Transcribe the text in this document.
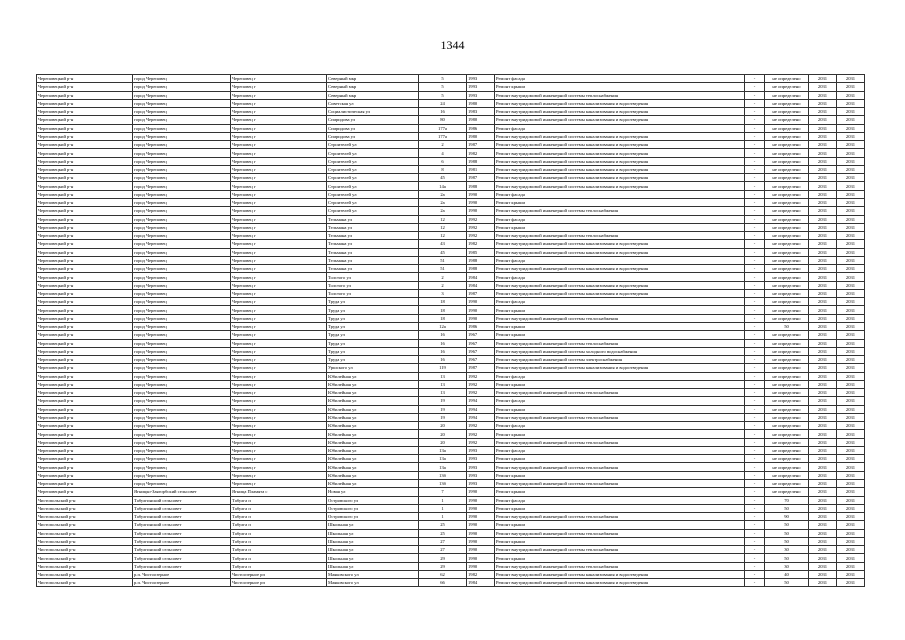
1344
Череповецкий р-н	город Череповец	Череповец г	Северный мкр	5	1993	Ремонт фасада	-	не определено	2031	2031
Череповецкий р-н	город Череповец	Череповец г	Северный мкр	5	1993	Ремонт крыши	-	не определено	2031	2031
Череповецкий р-н	город Череповец	Череповец г	Северный мкр	5	1993	Ремонт внутридомовой инженерной системы теплоснабжения	-	не определено	2031	2031
Череповецкий р-н	город Череповец	Череповец г	Советская ул	24	1980	Ремонт внутридомовой инженерной системы канализования и водоотведения	-	не определено	2031	2031
Череповецкий р-н	город Череповец	Череповец г	Социалистическая ул	16	1983	Ремонт внутридомовой инженерной системы канализования и водоотведения	-	не определено	2031	2031
Череповецкий р-н	город Череповец	Череповец г	Спиридова ул	80	1980	Ремонт внутридомовой инженерной системы канализования и водоотведения	-	не определено	2031	2031
Череповецкий р-н	город Череповец	Череповец г	Спиридова ул	177а	1986	Ремонт фасада	-	не определено	2031	2031
Череповецкий р-н	город Череповец	Череповец г	Спиридова ул	177а	1980	Ремонт внутридомовой инженерной системы канализования и водоотведения	-	не определено	2031	2031
Череповецкий р-н	город Череповец	Череповец г	Строителей ул	2	1987	Ремонт внутридомовой инженерной системы канализования и водоотведения	-	не определено	2031	2031
Череповецкий р-н	город Череповец	Череповец г	Строителей ул	4	1982	Ремонт внутридомовой инженерной системы канализования и водоотведения	-	не определено	2031	2031
Череповецкий р-н	город Череповец	Череповец г	Строителей ул	6	1988	Ремонт внутридомовой инженерной системы канализования и водоотведения	-	не определено	2031	2031
Череповецкий р-н	город Череповец	Череповец г	Строителей ул	8	1981	Ремонт внутридомовой инженерной системы канализования и водоотведения	-	не определено	2031	2031
Череповецкий р-н	город Череповец	Череповец г	Строителей ул	45	1987	Ремонт внутридомовой инженерной системы канализования и водоотведения	-	не определено	2031	2031
Череповецкий р-н	город Череповец	Череповец г	Строителей ул	14а	1988	Ремонт внутридомовой инженерной системы канализования и водоотведения	-	не определено	2031	2031
Череповецкий р-н	город Череповец	Череповец г	Строителей ул	2а	1990	Ремонт фасада	-	не определено	2031	2031
Череповецкий р-н	город Череповец	Череповец г	Строителей ул	2а	1990	Ремонт крыши	-	не определено	2031	2031
Череповецкий р-н	город Череповец	Череповец г	Строителей ул	2а	1990	Ремонт внутридомовой инженерной системы теплоснабжения	-	не определено	2031	2031
Череповецкий р-н	город Череповец	Череповец г	Тельмана ул	12	1992	Ремонт фасада	-	не определено	2031	2031
Череповецкий р-н	город Череповец	Череповец г	Тельмана ул	12	1992	Ремонт крыши	-	не определено	2031	2031
Череповецкий р-н	город Череповец	Череповец г	Тельмана ул	12	1992	Ремонт внутридомовой инженерной системы теплоснабжения	-	не определено	2031	2031
Череповецкий р-н	город Череповец	Череповец г	Тельмана ул	43	1982	Ремонт внутридомовой инженерной системы канализования и водоотведения	-	не определено	2031	2031
Череповецкий р-н	город Череповец	Череповец г	Тельмана ул	45	1985	Ремонт внутридомовой инженерной системы канализования и водоотведения	-	не определено	2031	2031
Череповецкий р-н	город Череповец	Череповец г	Тельмана ул	51	1988	Ремонт фасада	-	не определено	2031	2031
Череповецкий р-н	город Череповец	Череповец г	Тельмана ул	51	1988	Ремонт внутридомовой инженерной системы канализования и водоотведения	-	не определено	2031	2031
Череповецкий р-н	город Череповец	Череповец г	Толстого ул	2	1984	Ремонт фасада	-	не определено	2031	2031
Череповецкий р-н	город Череповец	Череповец г	Толстого ул	2	1984	Ремонт внутридомовой инженерной системы канализования и водоотведения	-	не определено	2031	2031
Череповецкий р-н	город Череповец	Череповец г	Толстого ул	3	1987	Ремонт внутридомовой инженерной системы канализования и водоотведения	-	не определено	2031	2031
Череповецкий р-н	город Череповец	Череповец г	Труда ул	18	1990	Ремонт фасада	-	не определено	2031	2031
Череповецкий р-н	город Череповец	Череповец г	Труда ул	18	1990	Ремонт крыши	-	не определено	2031	2031
Череповецкий р-н	город Череповец	Череповец г	Труда ул	18	1990	Ремонт внутридомовой инженерной системы теплоснабжения	-	не определено	2031	2031
Череповецкий р-н	город Череповец	Череповец г	Труда ул	12а	1986	Ремонт крыши	-	50	2031	2031
Череповецкий р-н	город Череповец	Череповец г	Труда ул	16	1967	Ремонт крыши	-	не определено	2031	2031
Череповецкий р-н	город Череповец	Череповец г	Труда ул	16	1967	Ремонт внутридомовой инженерной системы теплоснабжения	-	не определено	2031	2031
Череповецкий р-н	город Череповец	Череповец г	Труда ул	16	1967	Ремонт внутридомовой инженерной системы холодного водоснабжения	-	не определено	2031	2031
Череповецкий р-н	город Череповец	Череповец г	Труда ул	16	1967	Ремонт внутридомовой инженерной системы электроснабжения	-	не определено	2031	2031
Череповецкий р-н	город Череповец	Череповец г	Уршского ул	119	1987	Ремонт внутридомовой инженерной системы канализования и водоотведения	-	не определено	2031	2031
Череповецкий р-н	город Череповец	Череповец г	Юбилейная ул	13	1992	Ремонт фасада	-	не определено	2031	2031
Череповецкий р-н	город Череповец	Череповец г	Юбилейная ул	13	1992	Ремонт крыши	-	не определено	2031	2031
Череповецкий р-н	город Череповец	Череповец г	Юбилейная ул	13	1992	Ремонт внутридомовой инженерной системы теплоснабжения	-	не определено	2031	2031
Череповецкий р-н	город Череповец	Череповец г	Юбилейная ул	19	1994	Ремонт фасада	-	не определено	2031	2031
Череповецкий р-н	город Череповец	Череповец г	Юбилейная ул	19	1994	Ремонт крыши	-	не определено	2031	2031
Череповецкий р-н	город Череповец	Череповец г	Юбилейная ул	19	1994	Ремонт внутридомовой инженерной системы теплоснабжения	-	не определено	2031	2031
Череповецкий р-н	город Череповец	Череповец г	Юбилейная ул	20	1992	Ремонт фасада	-	не определено	2031	2031
Череповецкий р-н	город Череповец	Череповец г	Юбилейная ул	20	1992	Ремонт крыши	-	не определено	2031	2031
Череповецкий р-н	город Череповец	Череповец г	Юбилейная ул	20	1992	Ремонт внутридомовой инженерной системы теплоснабжения	-	не определено	2031	2031
Череповецкий р-н	город Череповец	Череповец г	Юбилейная ул	13а	1993	Ремонт фасада	-	не определено	2031	2031
Череповецкий р-н	город Череповец	Череповец г	Юбилейная ул	13а	1993	Ремонт крыши	-	не определено	2031	2031
Череповецкий р-н	город Череповец	Череповец г	Юбилейная ул	13а	1993	Ремонт внутридомовой инженерной системы теплоснабжения	-	не определено	2031	2031
Череповецкий р-н	город Череповец	Череповец г	Юбилейная ул	13б	1993	Ремонт крыши	-	не определено	2031	2031
Череповецкий р-н	город Череповец	Череповец г	Юбилейная ул	13б	1993	Ремонт внутридомовой инженерной системы теплоснабжения	-	не определено	2031	2031
Череповецкий р-н	Ягницко-Заягорбский сельсовет	Ягница Пламята с	Новая ул	7	1990	Ремонт крыши	-	не определено	2031	2031
Чистопольский р-н	Табулгинский сельсовет	Табулга п	Островского ул	1	1990	Ремонт фасада	-	70	2031	2031
Чистопольский р-н	Табулгинский сельсовет	Табулга п	Островского ул	1	1990	Ремонт крыши	-	50	2031	2031
Чистопольский р-н	Табулгинский сельсовет	Табулга п	Островского ул	1	1990	Ремонт внутридомовой инженерной системы теплоснабжения	-	90	2031	2031
Чистопольский р-н	Табулгинский сельсовет	Табулга п	Школьная ул	25	1990	Ремонт крыши	-	50	2031	2031
Чистопольский р-н	Табулгинский сельсовет	Табулга п	Школьная ул	25	1990	Ремонт внутридомовой инженерной системы теплоснабжения	-	50	2031	2031
Чистопольский р-н	Табулгинский сельсовет	Табулга п	Школьная ул	27	1990	Ремонт крыши	-	50	2031	2031
Чистопольский р-н	Табулгинский сельсовет	Табулга п	Школьная ул	27	1990	Ремонт внутридомовой инженерной системы теплоснабжения	-	30	2031	2031
Чистопольский р-н	Табулгинский сельсовет	Табулга п	Школьная ул	29	1990	Ремонт крыши	-	50	2031	2031
Чистопольский р-н	Табулгинский сельсовет	Табулга п	Школьная ул	29	1990	Ремонт внутридомовой инженерной системы теплоснабжения	-	30	2031	2031
Чистопольский р-н	р.п. Чистоозерное	Чистоозерное рп	Маяковского ул	62	1982	Ремонт внутридомовой инженерной системы канализования и водоотведения	-	40	2031	2031
Чистопольский р-н	р.п. Чистоозерное	Чистоозерное рп	Маяковского ул	66	1984	Ремонт внутридомовой инженерной системы канализования и водоотведения	-	50	2031	2031
